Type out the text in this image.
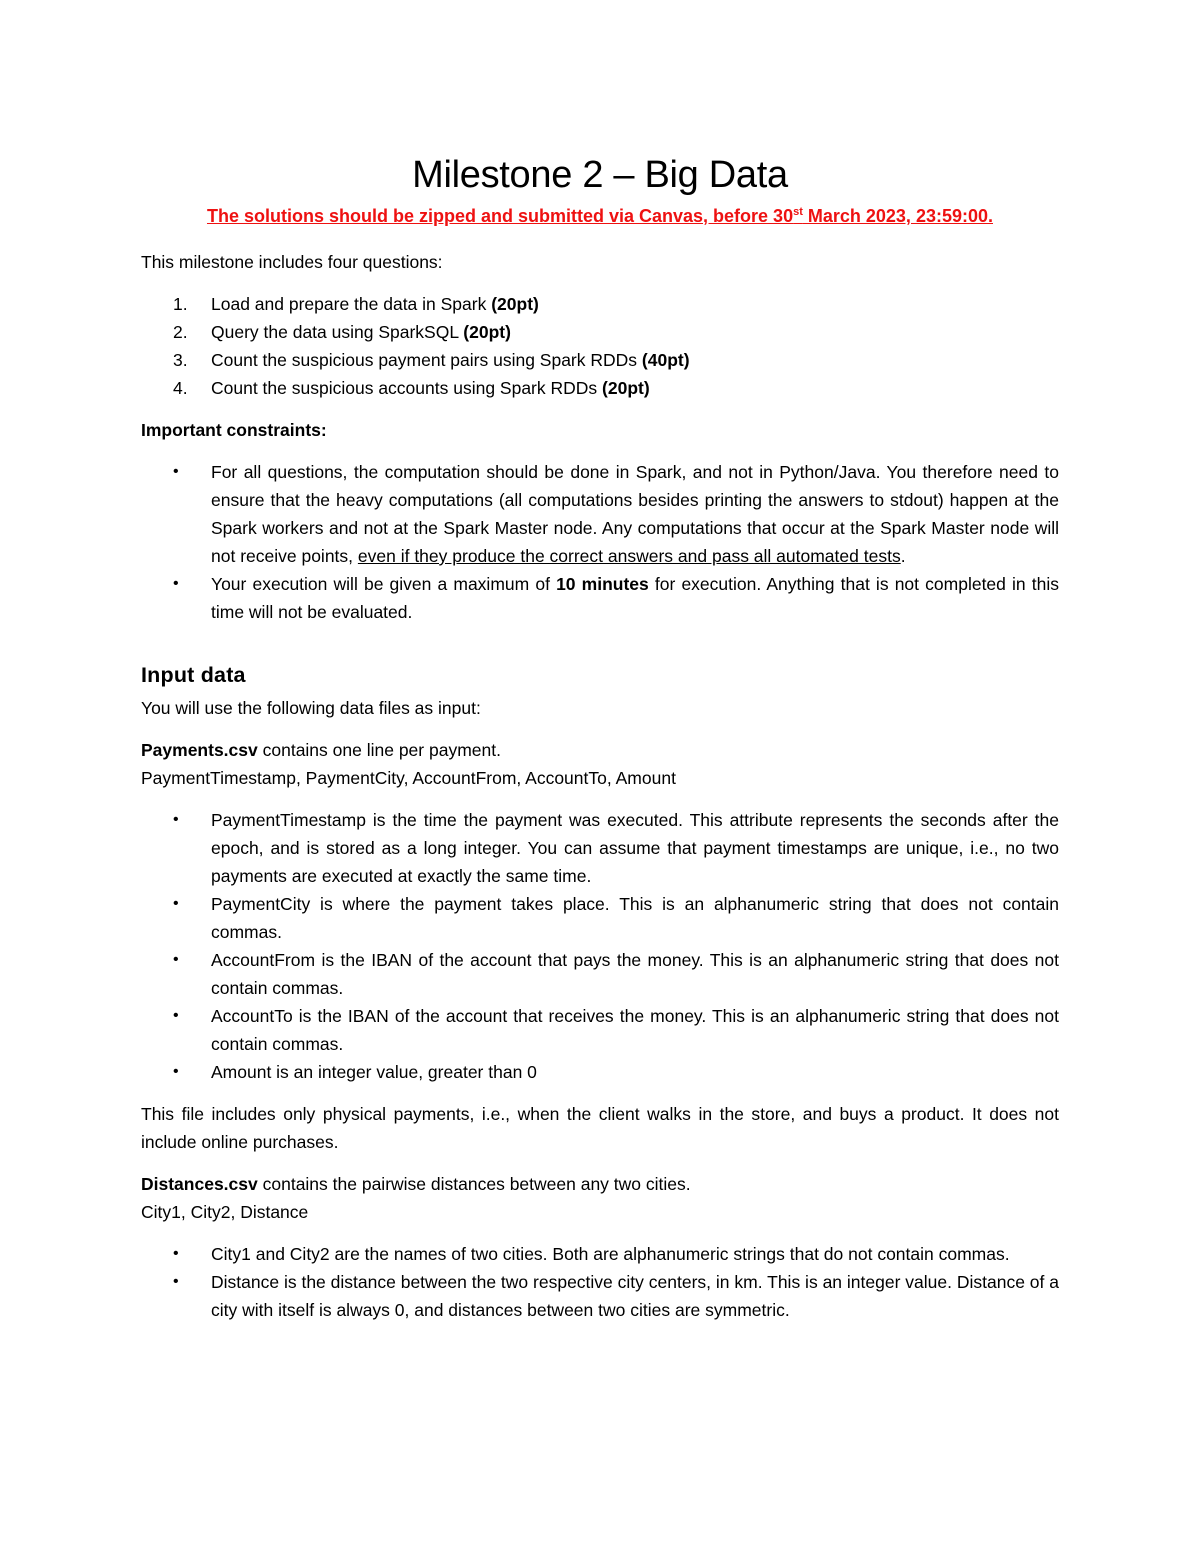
Milestone 2 – Big Data

The solutions should be zipped and submitted via Canvas, before 30st March 2023, 23:59:00.

This milestone includes four questions:

1. Load and prepare the data in Spark (20pt)
2. Query the data using SparkSQL (20pt)
3. Count the suspicious payment pairs using Spark RDDs (40pt)
4. Count the suspicious accounts using Spark RDDs (20pt)

Important constraints:

• For all questions, the computation should be done in Spark, and not in Python/Java. You therefore need to ensure that the heavy computations (all computations besides printing the answers to stdout) happen at the Spark workers and not at the Spark Master node. Any computations that occur at the Spark Master node will not receive points, even if they produce the correct answers and pass all automated tests.
• Your execution will be given a maximum of 10 minutes for execution. Anything that is not completed in this time will not be evaluated.
Input data

You will use the following data files as input:

Payments.csv contains one line per payment.

PaymentTimestamp, PaymentCity, AccountFrom, AccountTo, Amount

• PaymentTimestamp is the time the payment was executed. This attribute represents the seconds after the epoch, and is stored as a long integer. You can assume that payment timestamps are unique, i.e., no two payments are executed at exactly the same time.
• PaymentCity is where the payment takes place. This is an alphanumeric string that does not contain commas.
• AccountFrom is the IBAN of the account that pays the money. This is an alphanumeric string that does not contain commas.
• AccountTo is the IBAN of the account that receives the money. This is an alphanumeric string that does not contain commas.
• Amount is an integer value, greater than 0

This file includes only physical payments, i.e., when the client walks in the store, and buys a product. It does not include online purchases.

Distances.csv contains the pairwise distances between any two cities.

City1, City2, Distance

• City1 and City2 are the names of two cities. Both are alphanumeric strings that do not contain commas.
• Distance is the distance between the two respective city centers, in km. This is an integer value. Distance of a city with itself is always 0, and distances between two cities are symmetric.
